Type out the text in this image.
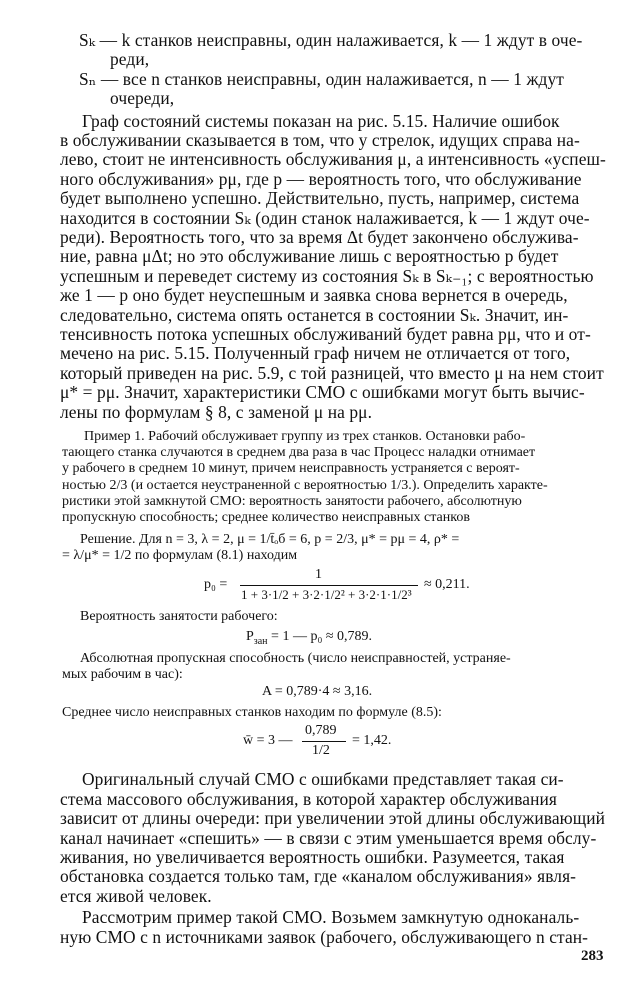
Sₖ — k станков неисправны, один налаживается, k — 1 ждут в оче-

реди,

Sₙ — все n станков неисправны, один налаживается, n — 1 ждут

очереди,

Граф состояний системы показан на рис. 5.15. Наличие ошибок

в обслуживании сказывается в том, что у стрелок, идущих справа на-

лево, стоит не интенсивность обслуживания μ, а интенсивность «успеш-

ного обслуживания» pμ, где p — вероятность того, что обслуживание

будет выполнено успешно. Действительно, пусть, например, система

находится в состоянии Sₖ (один станок налаживается, k — 1 ждут оче-

реди). Вероятность того, что за время Δt будет закончено обслужива-

ние, равна μΔt; но это обслуживание лишь с вероятностью p будет

успешным и переведет систему из состояния Sₖ в Sₖ₋₁; с вероятностью

же 1 — p оно будет неуспешным и заявка снова вернется в очередь,

следовательно, система опять останется в состоянии Sₖ. Значит, ин-

тенсивность потока успешных обслуживаний будет равна pμ, что и от-

мечено на рис. 5.15. Полученный граф ничем не отличается от того,

который приведен на рис. 5.9, с той разницей, что вместо μ на нем стоит

μ* = pμ. Значит, характеристики СМО с ошибками могут быть вычис-

лены по формулам § 8, с заменой μ на pμ.

Пример 1. Рабочий обслуживает группу из трех станков. Остановки рабо-

тающего станка случаются в среднем два раза в час Процесс наладки отнимает

у рабочего в среднем 10 минут, причем неисправность устраняется с вероят-

ностью 2/3 (и остается неустраненной с вероятностью 1/3.). Определить характе-

ристики этой замкнутой СМО: вероятность занятости рабочего, абсолютную

пропускную способность; среднее количество неисправных станков

Решение. Для n = 3, λ = 2, μ = 1/t̄ₒб = 6, p = 2/3, μ* = pμ = 4, ρ* =

= λ/μ* = 1/2 по формулам (8.1) находим

p₀ =
1
1 + 3·1/2 + 3·2·1/2² + 3·2·1·1/2³
≈ 0,211.

Вероятность занятости рабочего:

$P_{зан} = 1$ — p₀ ≈ 0,789.

Абсолютная пропускная способность (число неисправностей, устраняе-

мых рабочим в час):

A = 0,789·4 ≈ 3,16.

Среднее число неисправных станков находим по формуле (8.5):

w̄ = 3 —
0,789
1/2
= 1,42.

Оригинальный случай СМО с ошибками представляет такая си-

стема массового обслуживания, в которой характер обслуживания

зависит от длины очереди: при увеличении этой длины обслуживающий

канал начинает «спешить» — в связи с этим уменьшается время обслу-

живания, но увеличивается вероятность ошибки. Разумеется, такая

обстановка создается только там, где «каналом обслуживания» явля-

ется живой человек.

Рассмотрим пример такой СМО. Возьмем замкнутую одноканаль-

ную СМО с n источниками заявок (рабочего, обслуживающего n стан-

283
